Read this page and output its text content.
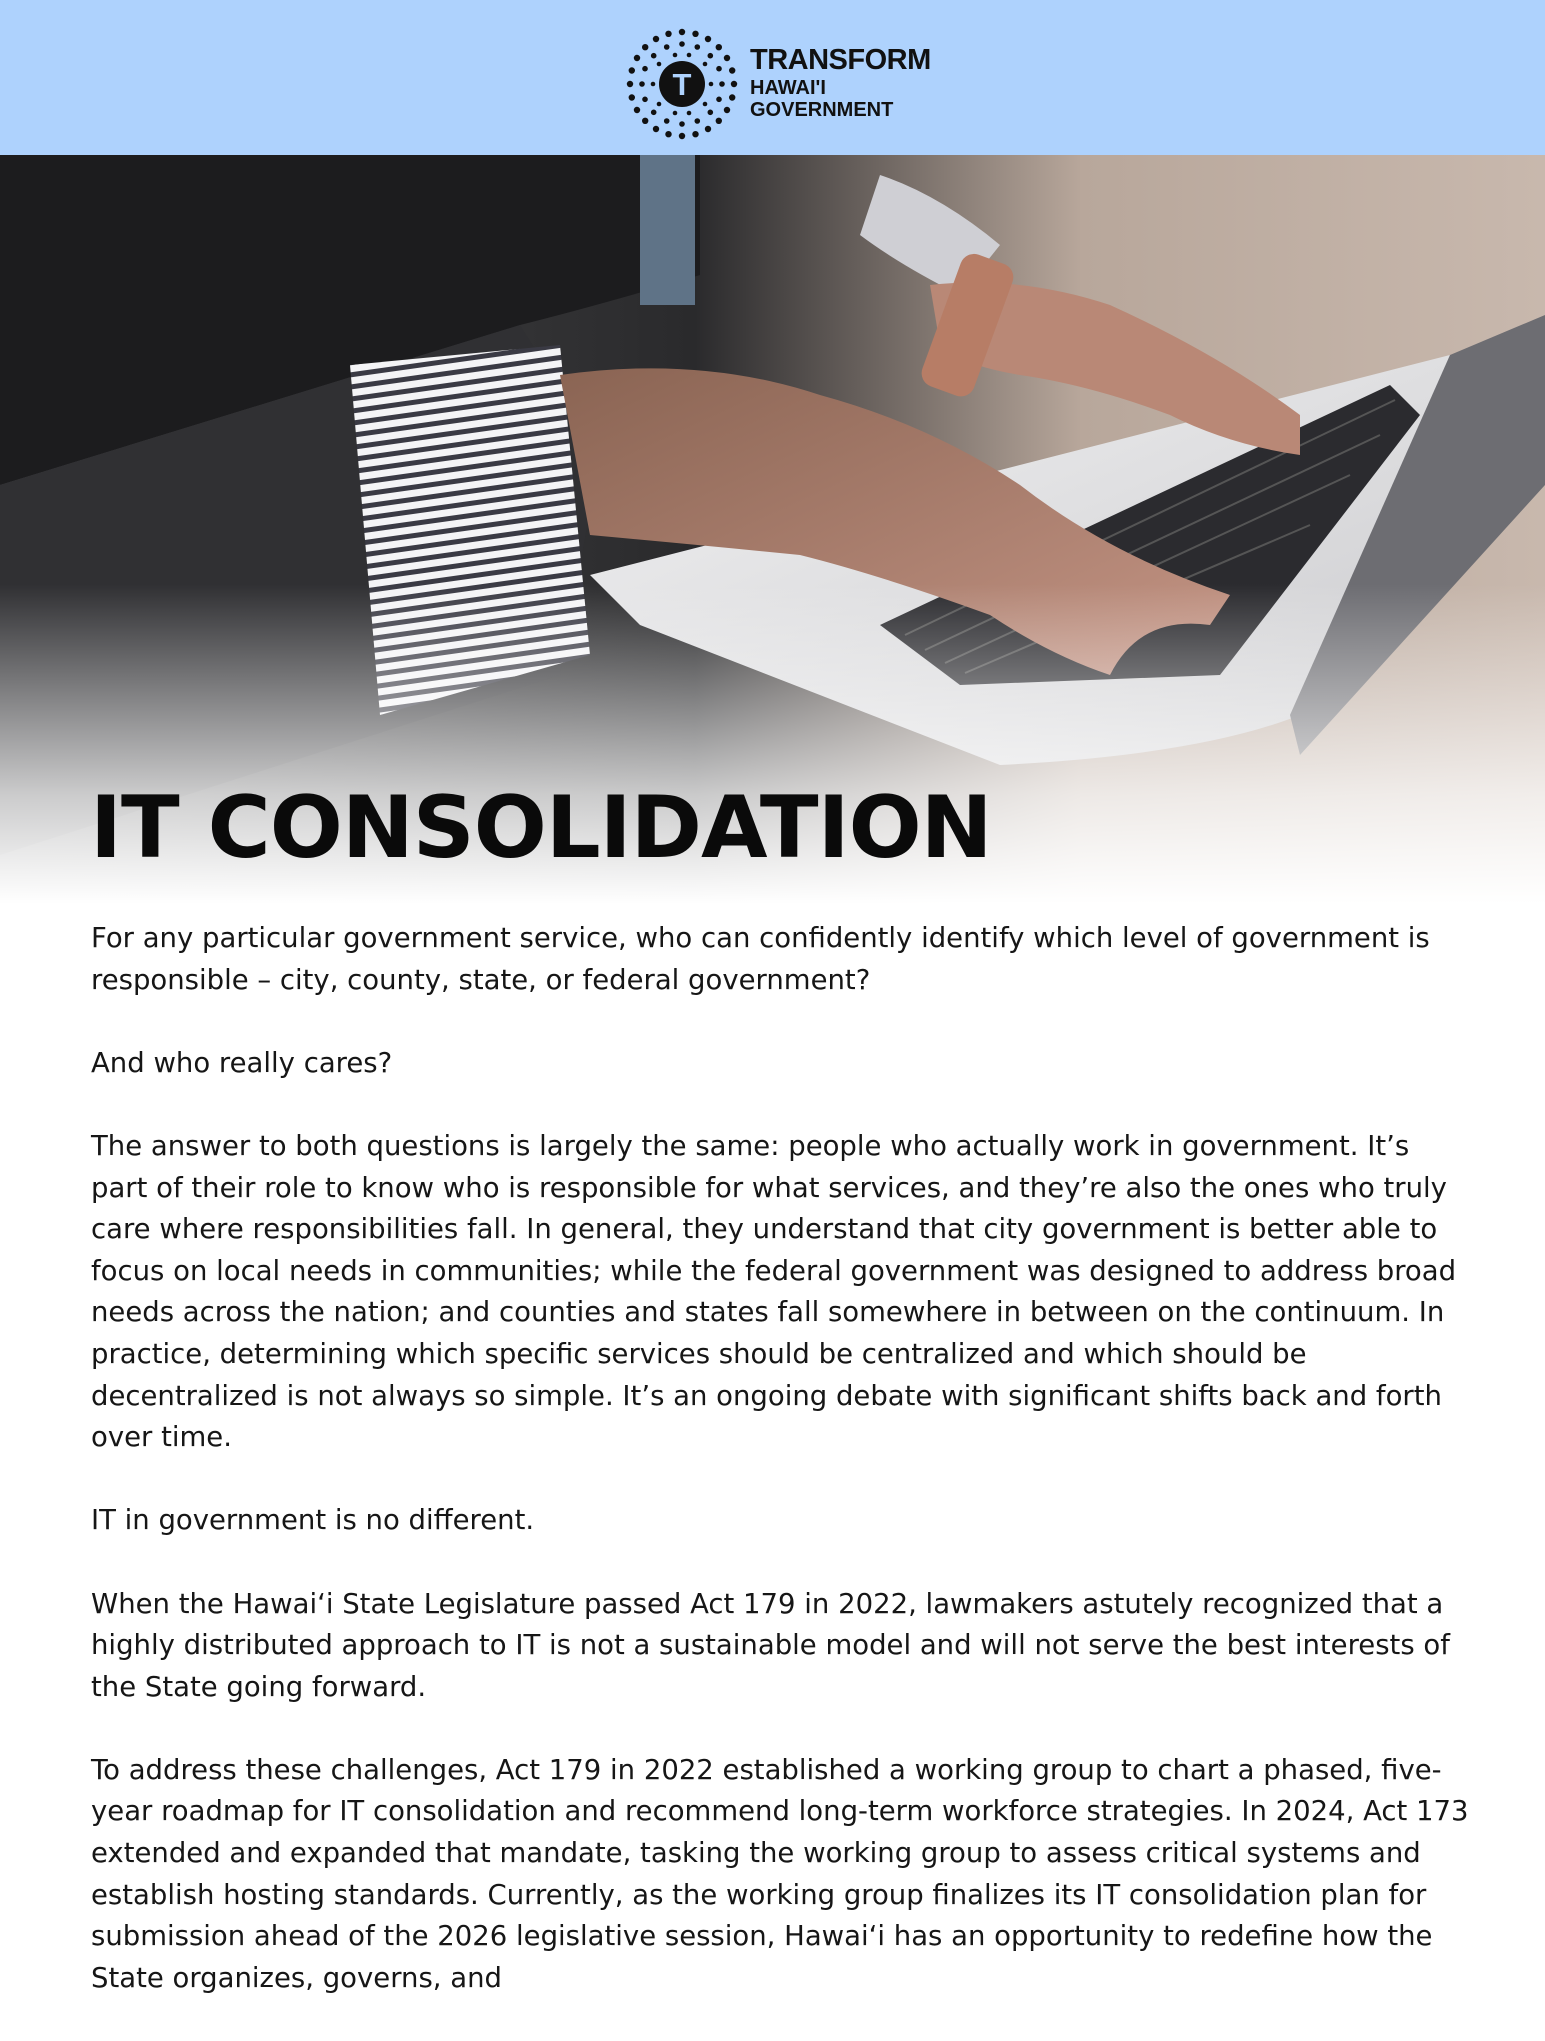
T
TRANSFORM
HAWAI'I
GOVERNMENT
IT CONSOLIDATION

For any particular government service, who can confidently identify which level of government is responsible – city, county, state, or federal government?

And who really cares?

The answer to both questions is largely the same: people who actually work in government. It’s part of their role to know who is responsible for what services, and they’re also the ones who truly care where responsibilities fall. In general, they understand that city government is better able to focus on local needs in communities; while the federal government was designed to address broad needs across the nation; and counties and states fall somewhere in between on the continuum. In practice, determining which specific services should be centralized and which should be decentralized is not always so simple. It’s an ongoing debate with significant shifts back and forth over time.

IT in government is no different.

When the Hawai‘i State Legislature passed Act 179 in 2022, lawmakers astutely recognized that a highly distributed approach to IT is not a sustainable model and will not serve the best interests of the State going forward.

To address these challenges, Act 179 in 2022 established a working group to chart a phased, five-year roadmap for IT consolidation and recommend long-term workforce strategies. In 2024, Act 173 extended and expanded that mandate, tasking the working group to assess critical systems and establish hosting standards. Currently, as the working group finalizes its IT consolidation plan for submission ahead of the 2026 legislative session, Hawai‘i has an opportunity to redefine how the State organizes, governs, and
